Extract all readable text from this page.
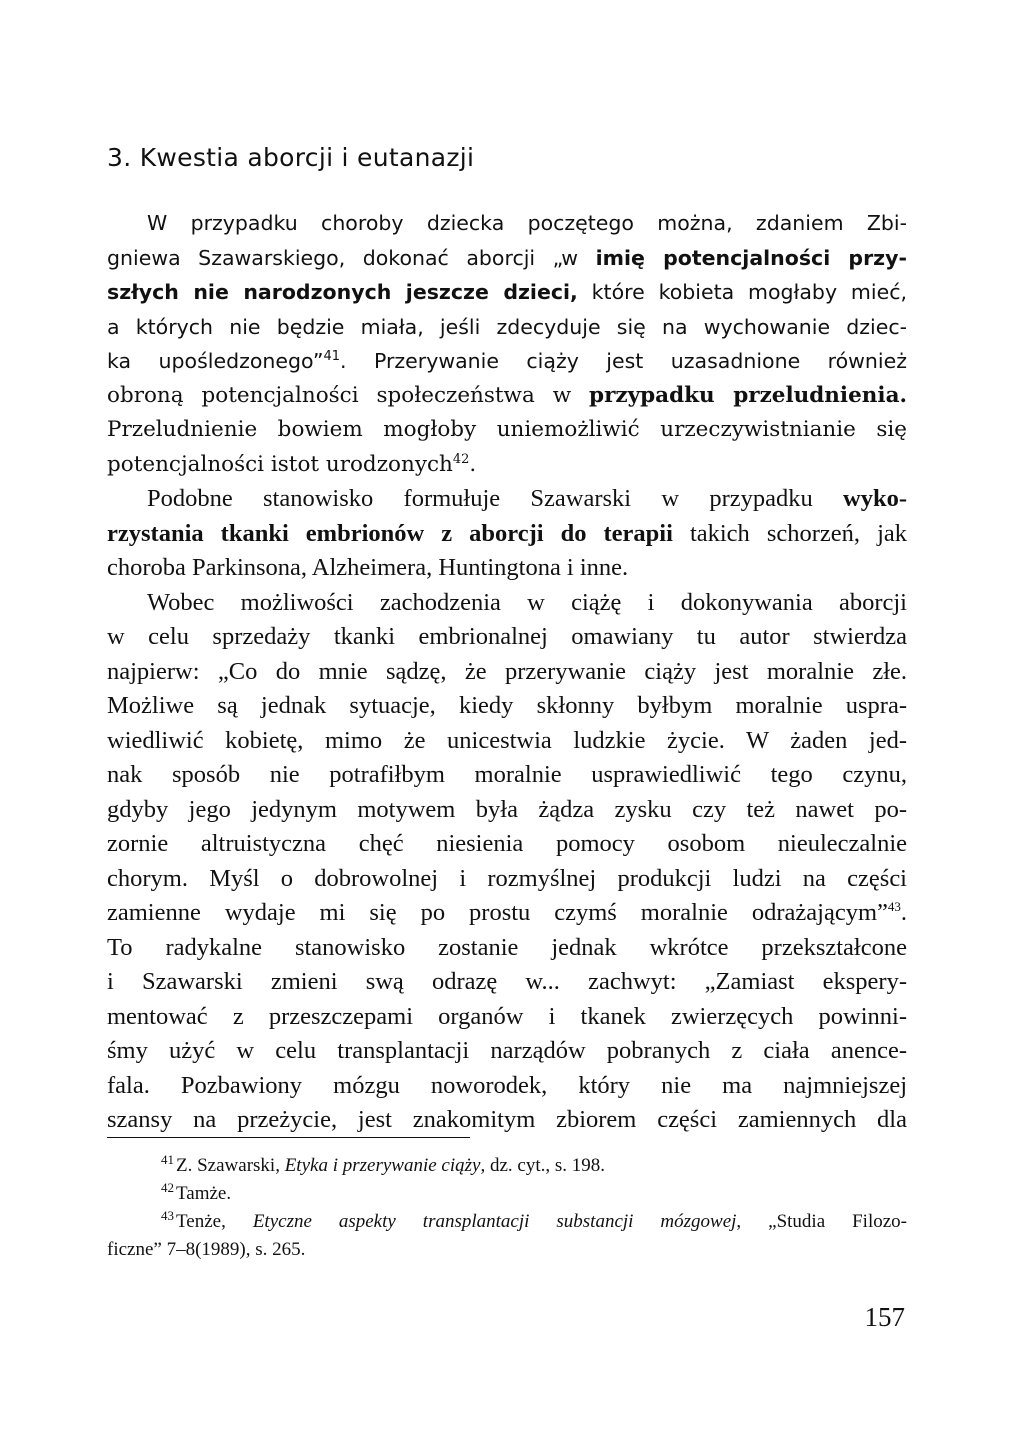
3. Kwestia aborcji i eutanazji
W przypadku choroby dziecka poczętego można, zdaniem Zbi-
gniewa Szawarskiego, dokonać aborcji „w imię potencjalności przy-
szłych nie narodzonych jeszcze dzieci, które kobieta mogłaby mieć,
a których nie będzie miała, jeśli zdecyduje się na wychowanie dziec-
ka upośledzonego”$^{41}$. Przerywanie ciąży jest uzasadnione również
obroną potencjalności społeczeństwa w przypadku przeludnienia.
Przeludnienie bowiem mogłoby uniemożliwić urzeczywistnianie się
potencjalności istot urodzonych$^{42}$.
Podobne stanowisko formułuje Szawarski w przypadku wyko-
rzystania tkanki embrionów z aborcji do terapii takich schorzeń, jak
choroba Parkinsona, Alzheimera, Huntingtona i inne.
Wobec możliwości zachodzenia w ciążę i dokonywania aborcji
w celu sprzedaży tkanki embrionalnej omawiany tu autor stwierdza
najpierw: „Co do mnie sądzę, że przerywanie ciąży jest moralnie złe.
Możliwe są jednak sytuacje, kiedy skłonny byłbym moralnie uspra-
wiedliwić kobietę, mimo że unicestwia ludzkie życie. W żaden jed-
nak sposób nie potrafiłbym moralnie usprawiedliwić tego czynu,
gdyby jego jedynym motywem była żądza zysku czy też nawet po-
zornie altruistyczna chęć niesienia pomocy osobom nieuleczalnie
chorym. Myśl o dobrowolnej i rozmyślnej produkcji ludzi na części
zamienne wydaje mi się po prostu czymś moralnie odrażającym”$^{43}$.
To radykalne stanowisko zostanie jednak wkrótce przekształcone
i Szawarski zmieni swą odrazę w... zachwyt: „Zamiast ekspery-
mentować z przeszczepami organów i tkanek zwierzęcych powinni-
śmy użyć w celu transplantacji narządów pobranych z ciała anence-
fala. Pozbawiony mózgu noworodek, który nie ma najmniejszej
szansy na przeżycie, jest znakomitym zbiorem części zamiennych dla
$^{41}$ Z. Szawarski, Etyka i przerywanie ciąży, dz. cyt., s. 198.
$^{42}$ Tamże.
$^{43}$ Tenże, Etyczne aspekty transplantacji substancji mózgowej, „Studia Filozo-
ficzne” 7–8(1989), s. 265.
157
